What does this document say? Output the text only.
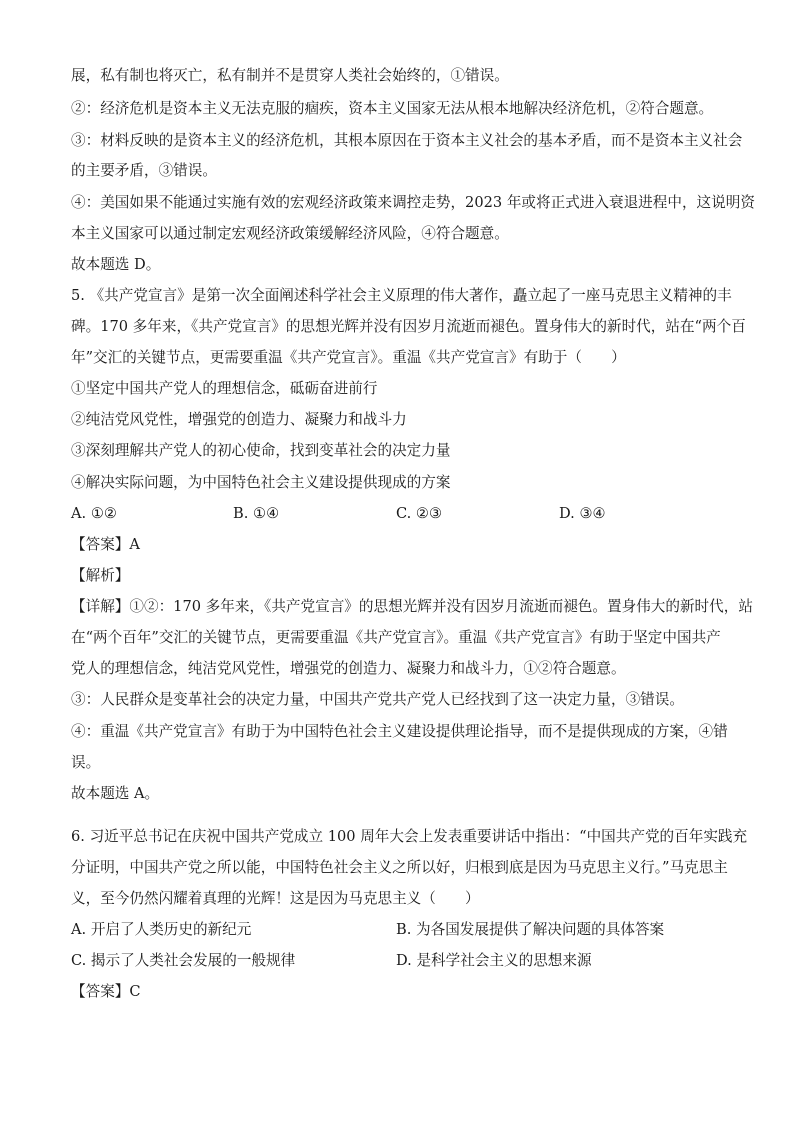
展，私有制也将灭亡，私有制并不是贯穿人类社会始终的，①错误。
②：经济危机是资本主义无法克服的痼疾，资本主义国家无法从根本地解决经济危机，②符合题意。
③：材料反映的是资本主义的经济危机，其根本原因在于资本主义社会的基本矛盾，而不是资本主义社会
的主要矛盾，③错误。
④：美国如果不能通过实施有效的宏观经济政策来调控走势，2023 年或将正式进入衰退进程中，这说明资
本主义国家可以通过制定宏观经济政策缓解经济风险，④符合题意。
故本题选 D。
5. 《共产党宣言》是第一次全面阐述科学社会主义原理的伟大著作，矗立起了一座马克思主义精神的丰
碑。170 多年来，《共产党宣言》的思想光辉并没有因岁月流逝而褪色。置身伟大的新时代，站在“两个百
年”交汇的关键节点，更需要重温《共产党宣言》。重温《共产党宣言》有助于（　　）
①坚定中国共产党人的理想信念，砥砺奋进前行
②纯洁党风党性，增强党的创造力、凝聚力和战斗力
③深刻理解共产党人的初心使命，找到变革社会的决定力量
④解决实际问题，为中国特色社会主义建设提供现成的方案
A. ①②	B. ①④	C. ②③	D. ③④
【答案】A
【解析】
【详解】①②：170 多年来，《共产党宣言》的思想光辉并没有因岁月流逝而褪色。置身伟大的新时代，站
在“两个百年”交汇的关键节点，更需要重温《共产党宣言》。重温《共产党宣言》有助于坚定中国共产
党人的理想信念，纯洁党风党性，增强党的创造力、凝聚力和战斗力，①②符合题意。
③：人民群众是变革社会的决定力量，中国共产党共产党人已经找到了这一决定力量，③错误。
④：重温《共产党宣言》有助于为中国特色社会主义建设提供理论指导，而不是提供现成的方案，④错
误。
故本题选 A。
6. 习近平总书记在庆祝中国共产党成立 100 周年大会上发表重要讲话中指出：“中国共产党的百年实践充
分证明，中国共产党之所以能，中国特色社会主义之所以好，归根到底是因为马克思主义行。”马克思主
义，至今仍然闪耀着真理的光辉！这是因为马克思主义（　　）
A. 开启了人类历史的新纪元	B. 为各国发展提供了解决问题的具体答案
C. 揭示了人类社会发展的一般规律	D. 是科学社会主义的思想来源
【答案】C
